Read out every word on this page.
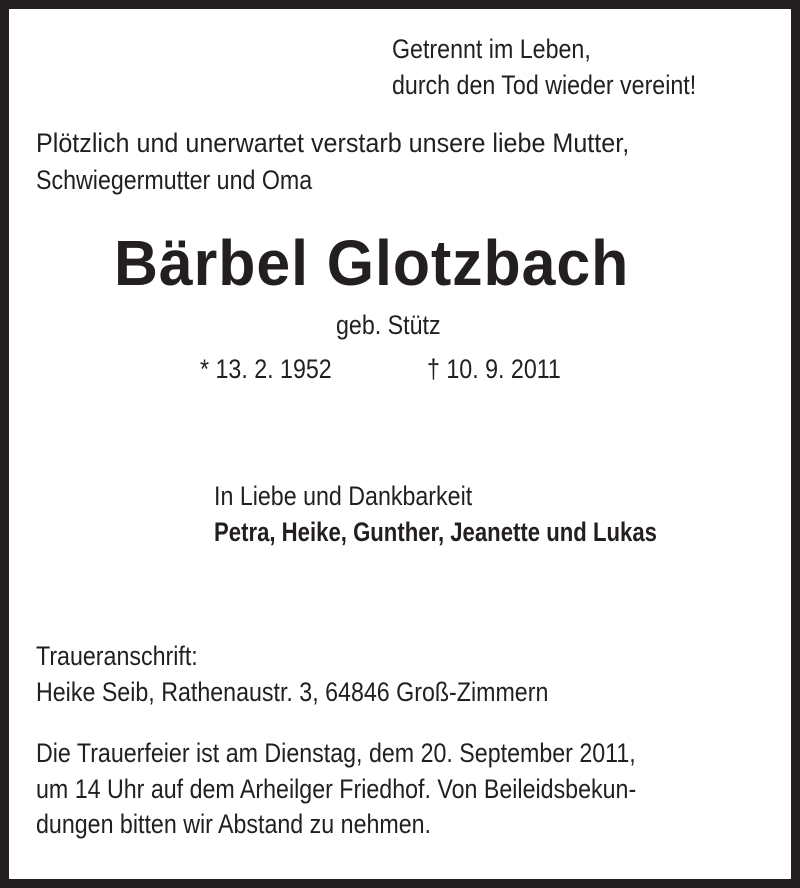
Getrennt im Leben,
durch den Tod wieder vereint!
Plötzlich und unerwartet verstarb unsere liebe Mutter,
Schwiegermutter und Oma
Bärbel Glotzbach
geb. Stütz
* 13. 2. 1952	† 10. 9. 2011
In Liebe und Dankbarkeit
Petra, Heike, Gunther, Jeanette und Lukas
Traueranschrift:
Heike Seib, Rathenaustr. 3, 64846 Groß-Zimmern
Die Trauerfeier ist am Dienstag, dem 20. September 2011,
um 14 Uhr auf dem Arheilger Friedhof. Von Beileidsbekun-
dungen bitten wir Abstand zu nehmen.
